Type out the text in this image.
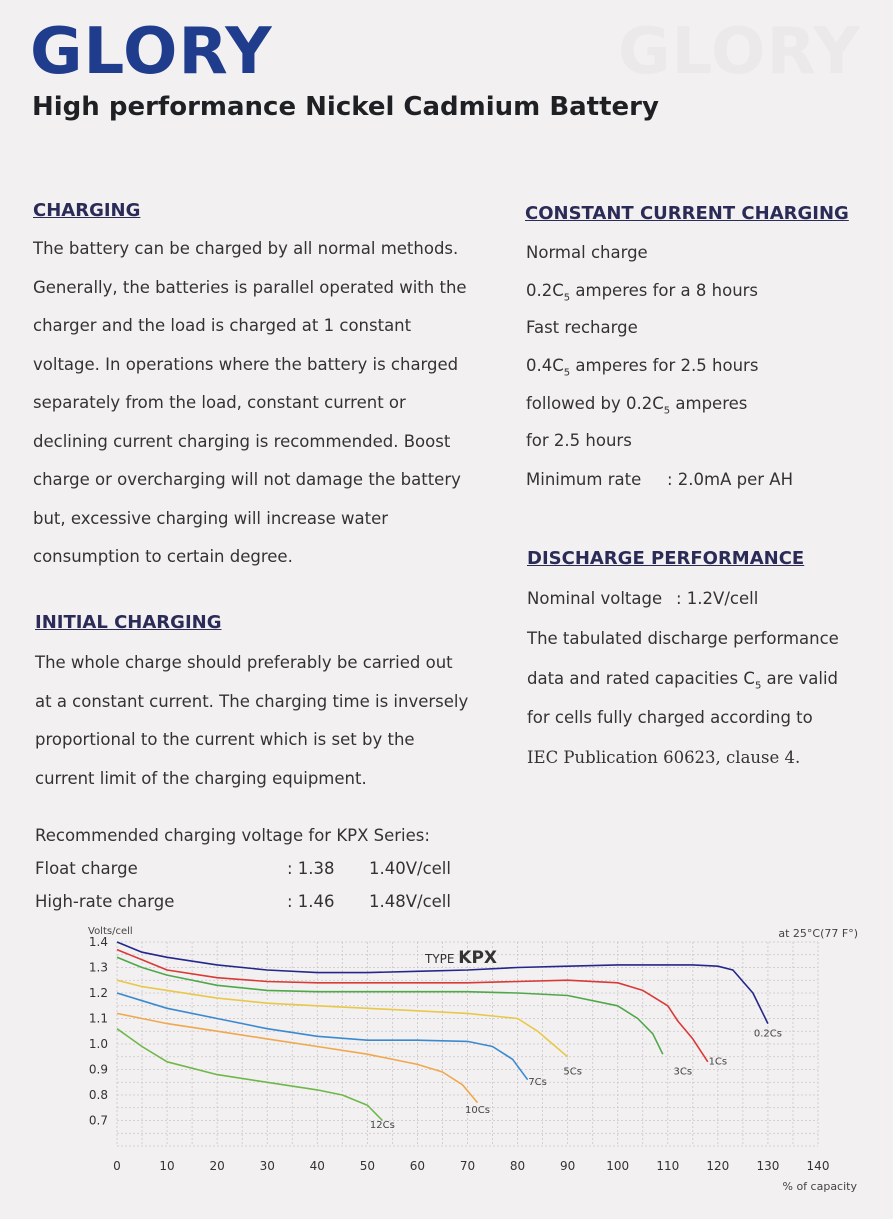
GLORY
GLORY
High performance Nickel Cadmium Battery
CHARGING
The battery can be charged by all normal methods.
Generally, the batteries is parallel operated with the
charger and the load is charged at 1 constant
voltage. In operations where the battery is charged
separately from the load, constant current or
declining current charging is recommended. Boost
charge or overcharging will not damage the battery
but, excessive charging will increase water
consumption to certain degree.
INITIAL CHARGING
The whole charge should preferably be carried out
at a constant current. The charging time is inversely
proportional to the current which is set by the
current limit of the charging equipment.
Recommended charging voltage for KPX Series:
Float charge	: 1.38 1.40V/cell
High-rate charge	: 1.46 1.48V/cell
CONSTANT CURRENT CHARGING
Normal charge
$0.2C_5$ amperes for a 8 hours
Fast recharge
$0.4C_5$ amperes for 2.5 hours
followed by $0.2C_5$ amperes
for 2.5 hours
Minimum rate : 2.0mA per AH
DISCHARGE PERFORMANCE
Nominal voltage : 1.2V/cell
The tabulated discharge performance
data and rated capacities $C_5$ are valid
for cells fully charged according to
IEC Publication 60623, clause 4.
1.4
1.3
1.2
1.1
1.0
0.9
0.8
0.7
0	10	20	30	40	50	60	70	80	90	100 110 120 130 140
0.2Cs
1Cs
3Cs
5Cs
7Cs
10Cs
12Cs
Volts/cell	at 25°C(77 F°)
TYPE KPX
% of capacity
